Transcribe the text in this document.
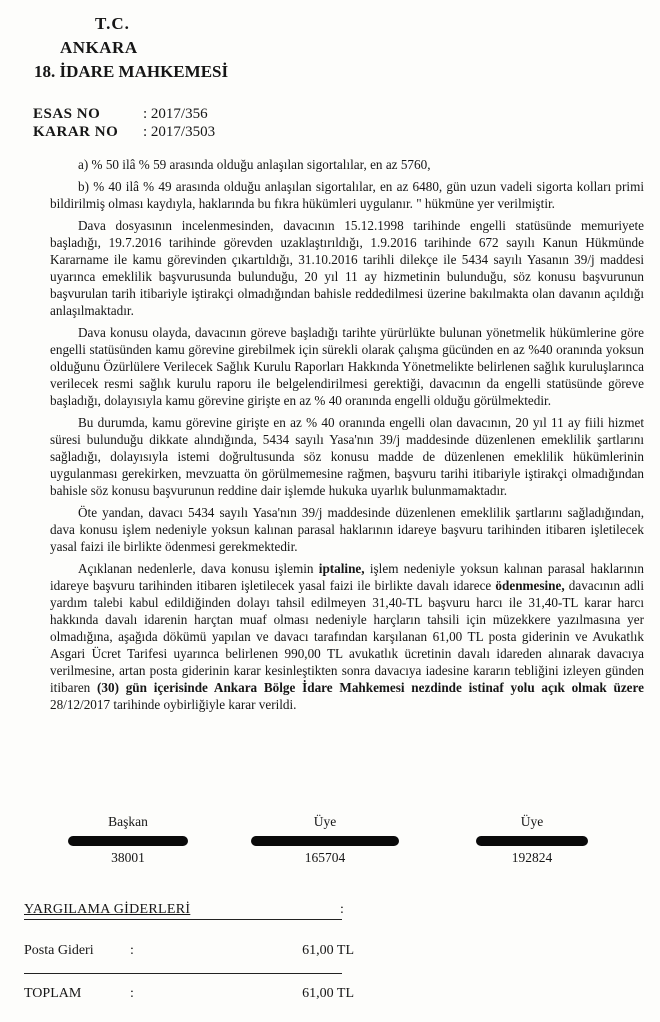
T.C.
ANKARA
18. İDARE MAHKEMESİ
ESAS NO	: 2017/356
KARAR NO : 2017/3503

a) % 50 ilâ % 59 arasında olduğu anlaşılan sigortalılar, en az 5760,

b) % 40 ilâ % 49 arasında olduğu anlaşılan sigortalılar, en az 6480, gün uzun vadeli sigorta kolları primi bildirilmiş olması kaydıyla, haklarında bu fıkra hükümleri uygulanır. " hükmüne yer verilmiştir.

Dava dosyasının incelenmesinden, davacının 15.12.1998 tarihinde engelli statüsünde memuriyete başladığı, 19.7.2016 tarihinde görevden uzaklaştırıldığı, 1.9.2016 tarihinde 672 sayılı Kanun Hükmünde Kararname ile kamu görevinden çıkartıldığı, 31.10.2016 tarihli dilekçe ile 5434 sayılı Yasanın 39/j maddesi uyarınca emeklilik başvurusunda bulunduğu, 20 yıl 11 ay hizmetinin bulunduğu, söz konusu başvurunun başvurulan tarih itibariyle iştirakçi olmadığından bahisle reddedilmesi üzerine bakılmakta olan davanın açıldığı anlaşılmaktadır.

Dava konusu olayda, davacının göreve başladığı tarihte yürürlükte bulunan yönetmelik hükümlerine göre engelli statüsünden kamu görevine girebilmek için sürekli olarak çalışma gücünden en az %40 oranında yoksun olduğunu Özürlülere Verilecek Sağlık Kurulu Raporları Hakkında Yönetmelikte belirlenen sağlık kuruluşlarınca verilecek resmi sağlık kurulu raporu ile belgelendirilmesi gerektiği, davacının da engelli statüsünde göreve başladığı, dolayısıyla kamu görevine girişte en az % 40 oranında engelli olduğu görülmektedir.

Bu durumda, kamu görevine girişte en az % 40 oranında engelli olan davacının, 20 yıl 11 ay fiili hizmet süresi bulunduğu dikkate alındığında, 5434 sayılı Yasa'nın 39/j maddesinde düzenlenen emeklilik şartlarını sağladığı, dolayısıyla istemi doğrultusunda söz konusu madde de düzenlenen emeklilik hükümlerinin uygulanması gerekirken, mevzuatta ön görülmemesine rağmen, başvuru tarihi itibariyle iştirakçi olmadığından bahisle söz konusu başvurunun reddine dair işlemde hukuka uyarlık bulunmamaktadır.

Öte yandan, davacı 5434 sayılı Yasa'nın 39/j maddesinde düzenlenen emeklilik şartlarını sağladığından, dava konusu işlem nedeniyle yoksun kalınan parasal haklarının idareye başvuru tarihinden itibaren işletilecek yasal faizi ile birlikte ödenmesi gerekmektedir.

Açıklanan nedenlerle, dava konusu işlemin iptaline, işlem nedeniyle yoksun kalınan parasal haklarının idareye başvuru tarihinden itibaren işletilecek yasal faizi ile birlikte davalı idarece ödenmesine, davacının adli yardım talebi kabul edildiğinden dolayı tahsil edilmeyen 31,40-TL başvuru harcı ile 31,40-TL karar harcı hakkında davalı idarenin harçtan muaf olması nedeniyle harçların tahsili için müzekkere yazılmasına yer olmadığına, aşağıda dökümü yapılan ve davacı tarafından karşılanan 61,00 TL posta giderinin ve Avukatlık Asgari Ücret Tarifesi uyarınca belirlenen 990,00 TL avukatlık ücretinin davalı idareden alınarak davacıya verilmesine, artan posta giderinin karar kesinleştikten sonra davacıya iadesine kararın tebliğini izleyen günden itibaren (30) gün içerisinde Ankara Bölge İdare Mahkemesi nezdinde istinaf yolu açık olmak üzere 28/12/2017 tarihinde oybirliğiyle karar verildi.

Başkan
38001
Üye
165704
Üye
192824
YARGILAMA GİDERLERİ	:
Posta Gideri	:	61,00 TL
TOPLAM	:	61,00 TL
